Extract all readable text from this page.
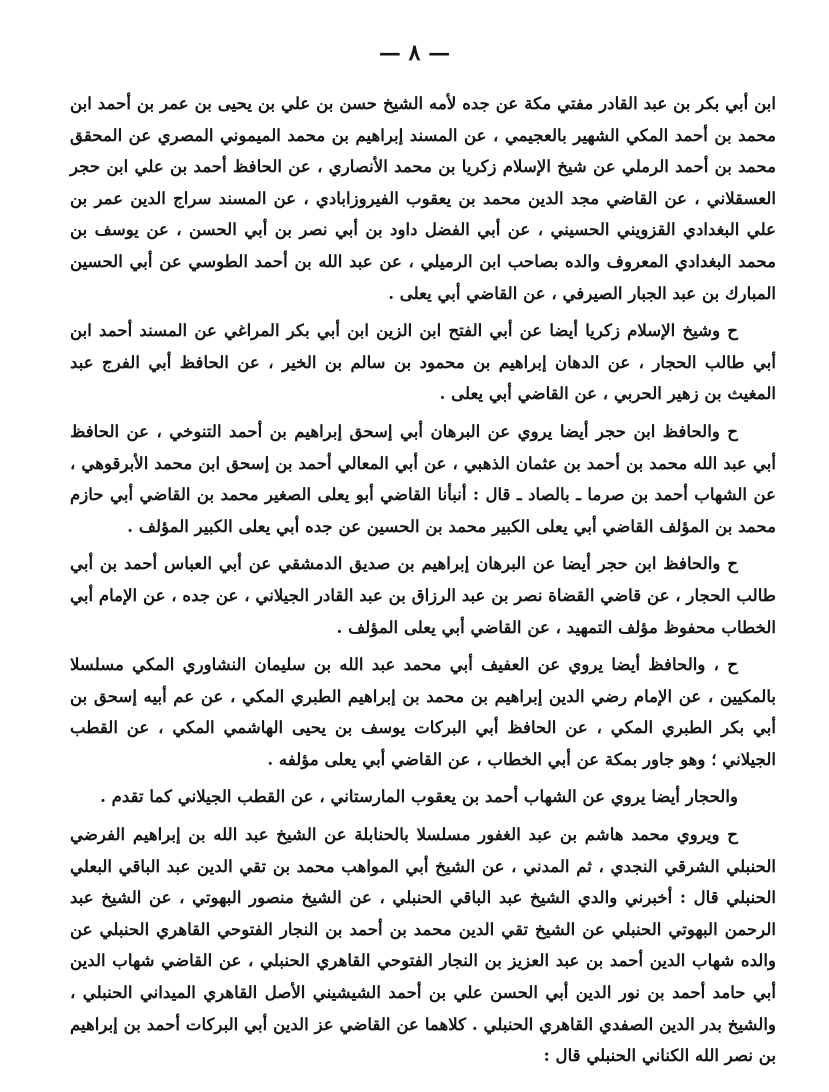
— ٨ —

ابن أبي بكر بن عبد القادر مفتي مكة عن جده لأمه الشيخ حسن بن علي بن يحيى بن عمر بن أحمد ابن محمد بن أحمد المكي الشهير بالعجيمي ، عن المسند إبراهيم بن محمد الميموني المصري عن المحقق محمد بن أحمد الرملي عن شيخ الإسلام زكريا بن محمد الأنصاري ، عن الحافظ أحمد بن علي ابن حجر العسقلاني ، عن القاضي مجد الدين محمد بن يعقوب الفيروزابادي ، عن المسند سراج الدين عمر بن علي البغدادي القزويني الحسيني ، عن أبي الفضل داود بن أبي نصر بن أبي الحسن ، عن يوسف بن محمد البغدادي المعروف والده بصاحب ابن الرميلي ، عن عبد الله بن أحمد الطوسي عن أبي الحسين المبارك بن عبد الجبار الصيرفي ، عن القاضي أبي يعلى .

ح وشيخ الإسلام زكريا أيضا عن أبي الفتح ابن الزين ابن أبي بكر المراغي عن المسند أحمد ابن أبي طالب الحجار ، عن الدهان إبراهيم بن محمود بن سالم بن الخير ، عن الحافظ أبي الفرج عبد المغيث بن زهير الحربي ، عن القاضي أبي يعلى .

ح والحافظ ابن حجر أيضا يروي عن البرهان أبي إسحق إبراهيم بن أحمد التنوخي ، عن الحافظ أبي عبد الله محمد بن أحمد بن عثمان الذهبي ، عن أبي المعالي أحمد بن إسحق ابن محمد الأبرقوهي ، عن الشهاب أحمد بن صرما ـ بالصاد ـ قال : أنبأنا القاضي أبو يعلى الصغير محمد بن القاضي أبي حازم محمد بن المؤلف القاضي أبي يعلى الكبير محمد بن الحسين عن جده أبي يعلى الكبير المؤلف .

ح والحافظ ابن حجر أيضا عن البرهان إبراهيم بن صديق الدمشقي عن أبي العباس أحمد بن أبي طالب الحجار ، عن قاضي القضاة نصر بن عبد الرزاق بن عبد القادر الجيلاني ، عن جده ، عن الإمام أبي الخطاب محفوظ مؤلف التمهيد ، عن القاضي أبي يعلى المؤلف .

ح ، والحافظ أيضا يروي عن العفيف أبي محمد عبد الله بن سليمان النشاوري المكي مسلسلا بالمكيين ، عن الإمام رضي الدين إبراهيم بن محمد بن إبراهيم الطبري المكي ، عن عم أبيه إسحق بن أبي بكر الطبري المكي ، عن الحافظ أبي البركات يوسف بن يحيى الهاشمي المكي ، عن القطب الجيلاني ؛ وهو جاور بمكة عن أبي الخطاب ، عن القاضي أبي يعلى مؤلفه .

والحجار أيضا يروي عن الشهاب أحمد بن يعقوب المارستاني ، عن القطب الجيلاني كما تقدم .

ح ويروي محمد هاشم بن عبد الغفور مسلسلا بالحنابلة عن الشيخ عبد الله بن إبراهيم الفرضي الحنبلي الشرقي النجدي ، ثم المدني ، عن الشيخ أبي المواهب محمد بن تقي الدين عبد الباقي البعلي الحنبلي قال : أخبرني والدي الشيخ عبد الباقي الحنبلي ، عن الشيخ منصور البهوتي ، عن الشيخ عبد الرحمن البهوتي الحنبلي عن الشيخ تقي الدين محمد بن أحمد بن النجار الفتوحي القاهري الحنبلي عن والده شهاب الدين أحمد بن عبد العزيز بن النجار الفتوحي القاهري الحنبلي ، عن القاضي شهاب الدين أبي حامد أحمد بن نور الدين أبي الحسن علي بن أحمد الشيشيني الأصل القاهري الميداني الحنبلي ، والشيخ بدر الدين الصفدي القاهري الحنبلي . كلاهما عن القاضي عز الدين أبي البركات أحمد بن إبراهيم بن نصر الله الكناني الحنبلي قال :
